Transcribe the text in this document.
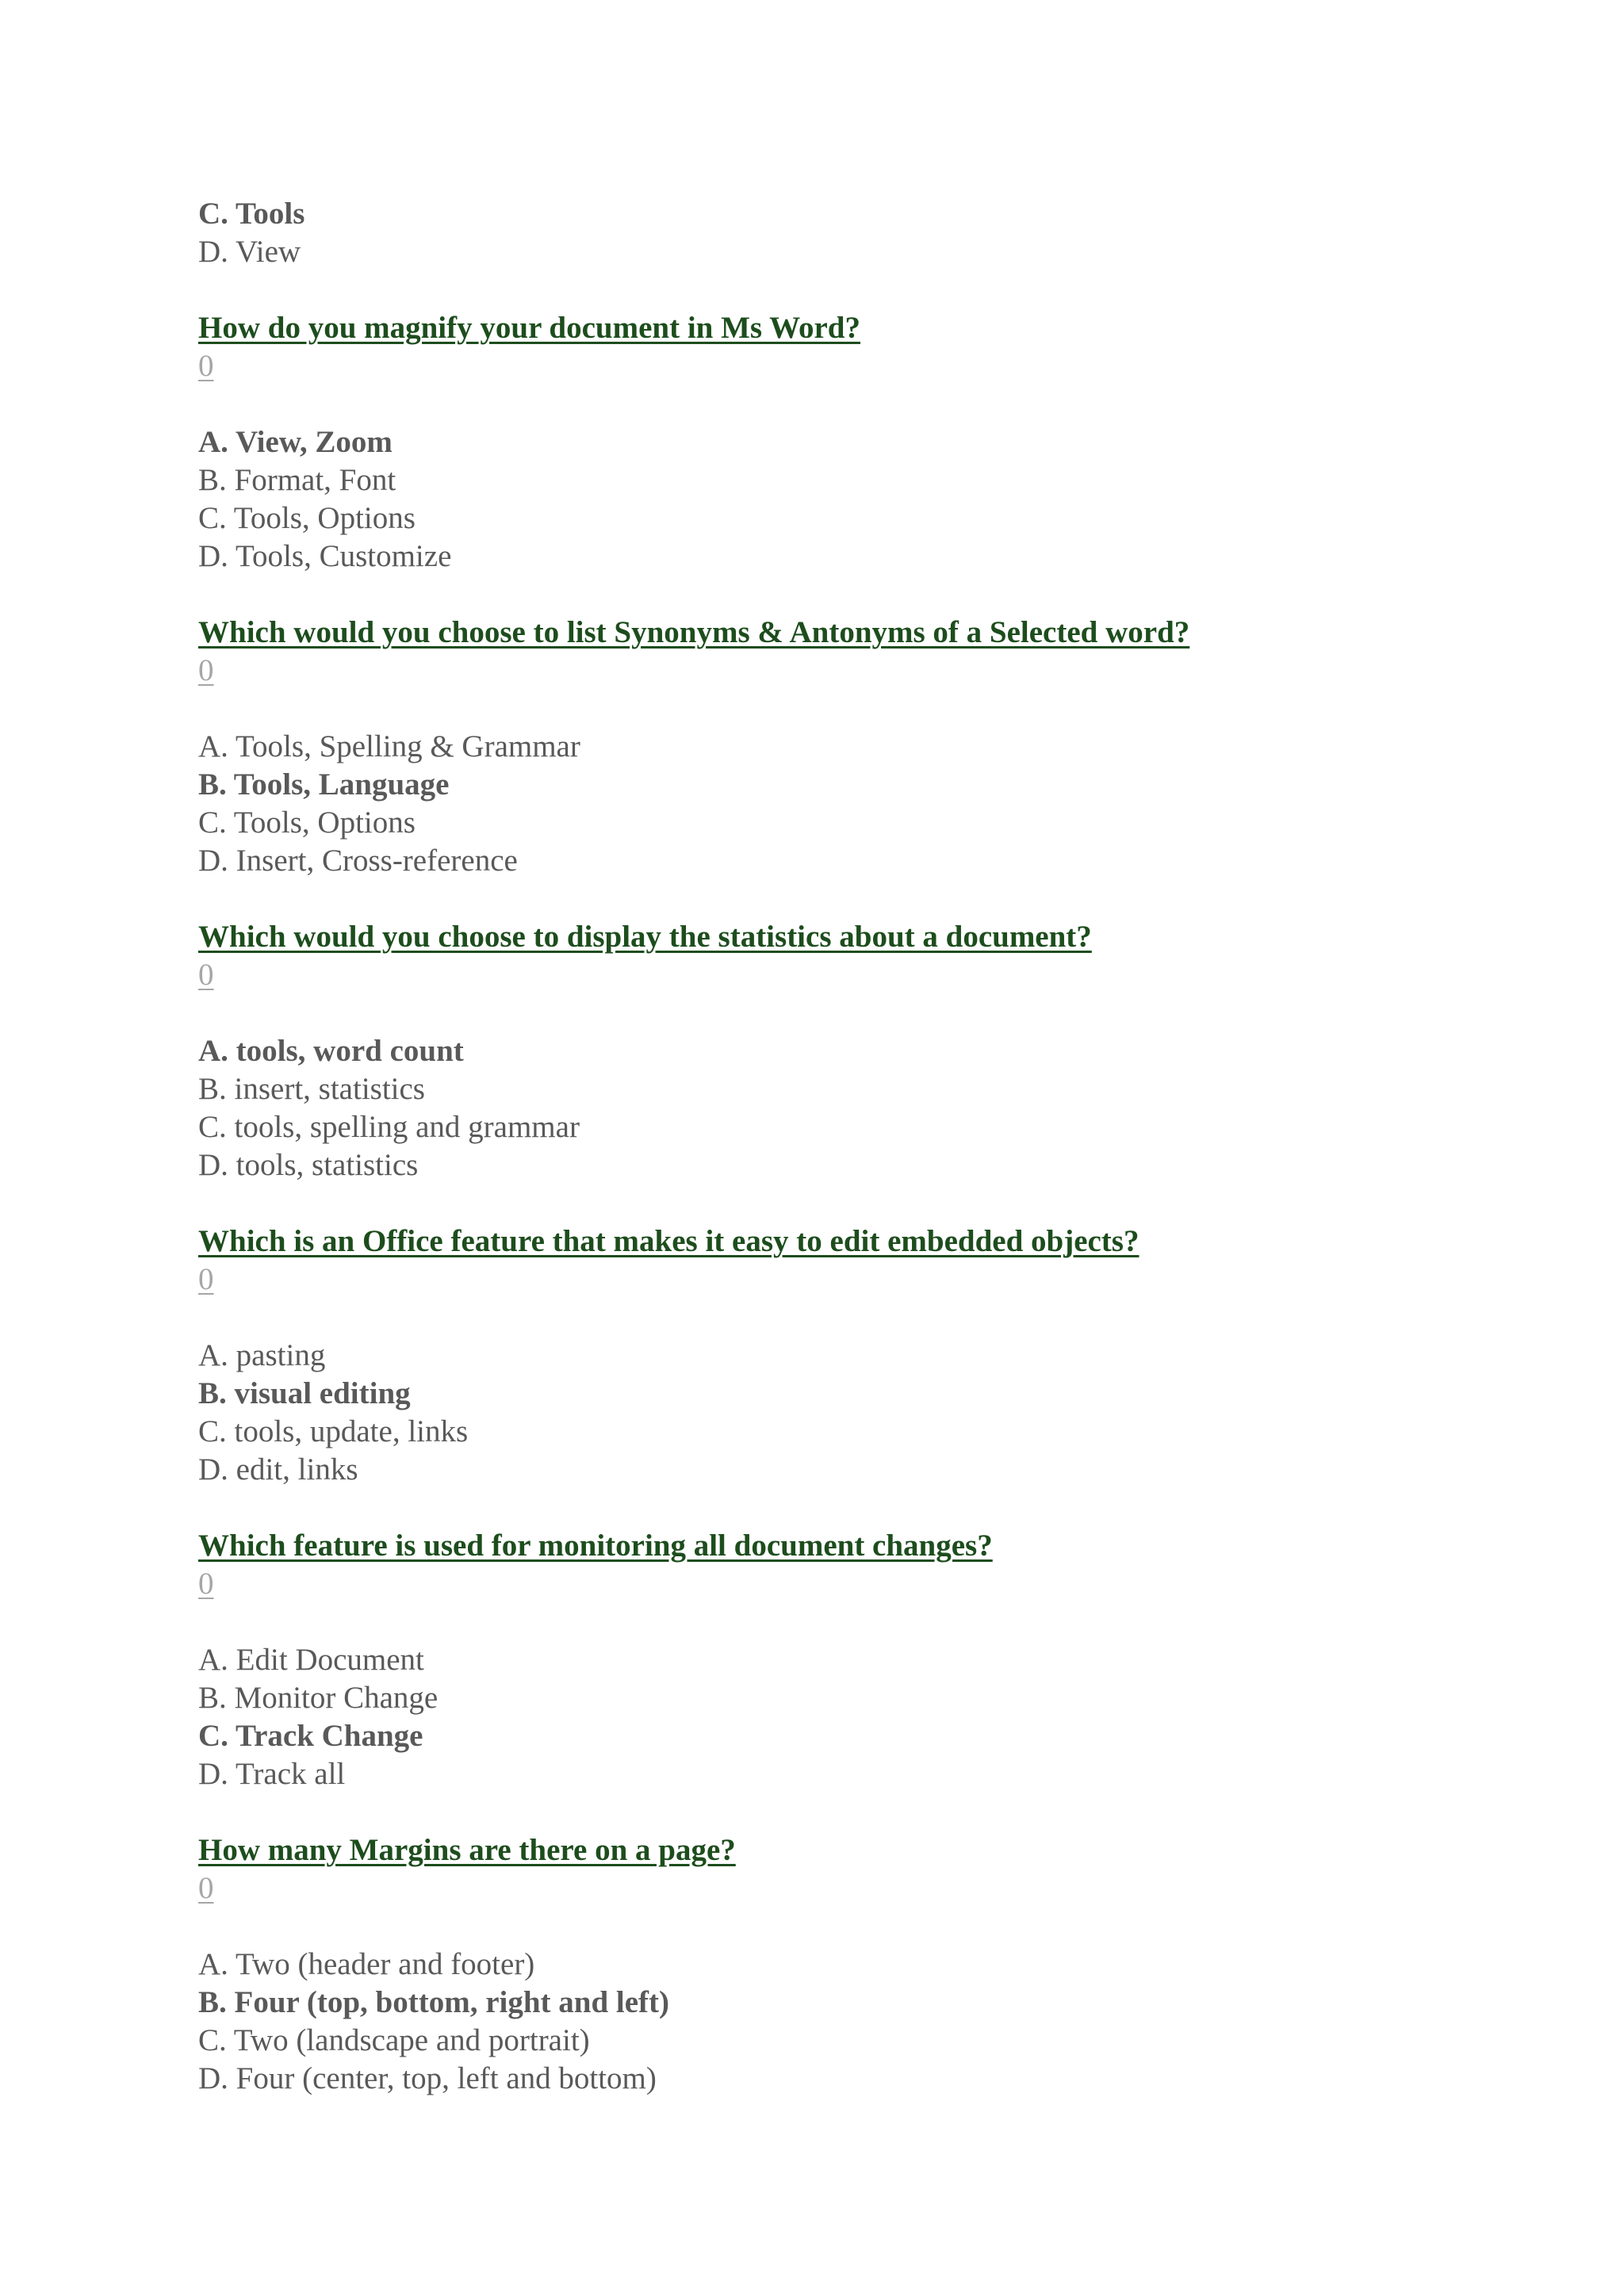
C. Tools
D. View
How do you magnify your document in Ms Word?
0
A. View, Zoom
B. Format, Font
C. Tools, Options
D. Tools, Customize
Which would you choose to list Synonyms & Antonyms of a Selected word?
0
A. Tools, Spelling & Grammar
B. Tools, Language
C. Tools, Options
D. Insert, Cross-reference
Which would you choose to display the statistics about a document?
0
A. tools, word count
B. insert, statistics
C. tools, spelling and grammar
D. tools, statistics
Which is an Office feature that makes it easy to edit embedded objects?
0
A. pasting
B. visual editing
C. tools, update, links
D. edit, links
Which feature is used for monitoring all document changes?
0
A. Edit Document
B. Monitor Change
C. Track Change
D. Track all
How many Margins are there on a page?
0
A. Two (header and footer)
B. Four (top, bottom, right and left)
C. Two (landscape and portrait)
D. Four (center, top, left and bottom)
